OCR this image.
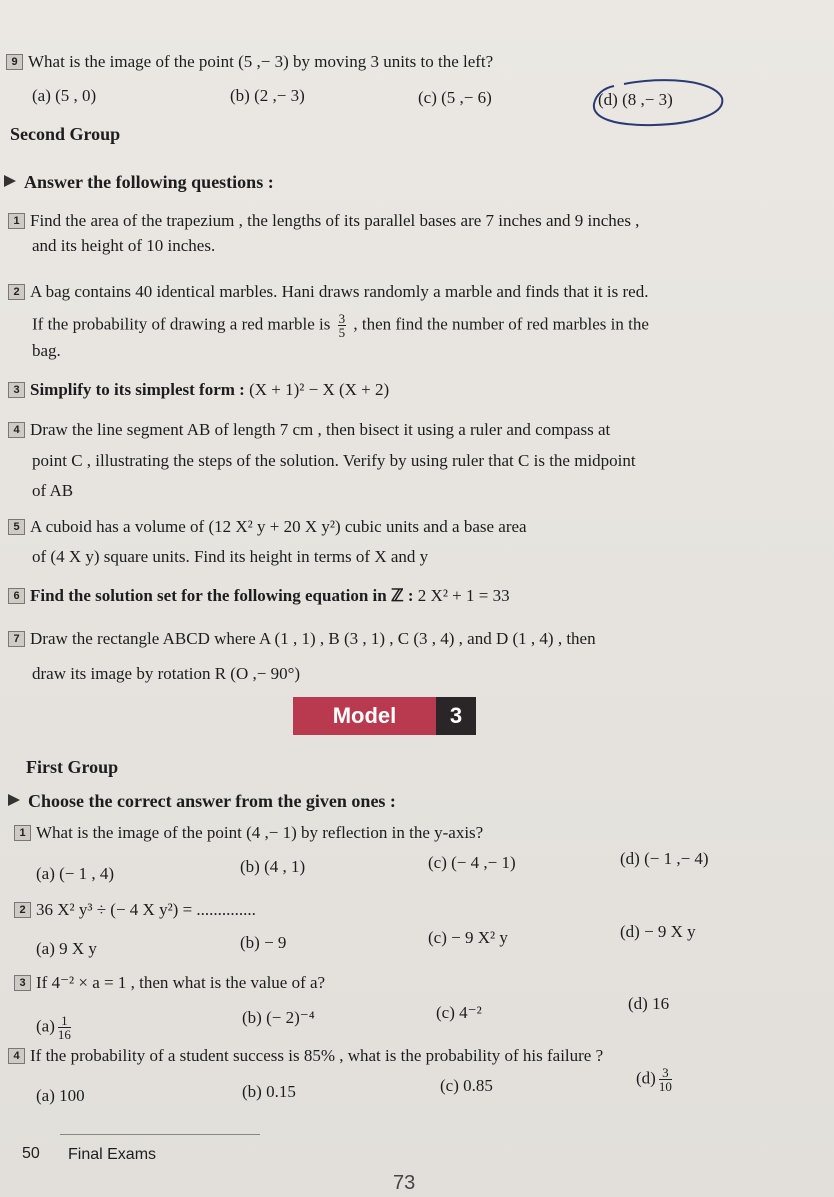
9 What is the image of the point (5 ,− 3) by moving 3 units to the left?
(a) (5 , 0)	(b) (2 ,− 3)	(c) (5 ,− 6)	(d) (8 ,− 3)
Second Group
Answer the following questions :
1 Find the area of the trapezium , the lengths of its parallel bases are 7 inches and 9 inches ,
and its height of 10 inches.
2 A bag contains 40 identical marbles. Hani draws randomly a marble and finds that it is red.
If the probability of drawing a red marble is $\frac{3}{5}$ , then find the number of red marbles in the
bag.
3 Simplify to its simplest form : (X + 1)² − X (X + 2)
4 Draw the line segment AB of length 7 cm , then bisect it using a ruler and compass at
point C , illustrating the steps of the solution. Verify by using ruler that C is the midpoint
of AB
5 A cuboid has a volume of (12 X² y + 20 X y²) cubic units and a base area
of (4 X y) square units. Find its height in terms of X and y
6 Find the solution set for the following equation in ℤ : 2 X² + 1 = 33
7 Draw the rectangle ABCD where A (1 , 1) , B (3 , 1) , C (3 , 4) , and D (1 , 4) , then
draw its image by rotation R (O ,− 90°)
Model	3
First Group
Choose the correct answer from the given ones :
1 What is the image of the point (4 ,− 1) by reflection in the y-axis?
(a) (− 1 , 4)	(b) (4 , 1)	(c) (− 4 ,− 1)	(d) (− 1 ,− 4)
2 36 X² y³ ÷ (− 4 X y²) = ..............
(a) 9 X y	(b) − 9	(c) − 9 X² y	(d) − 9 X y
3 If 4⁻² × a = 1 , then what is the value of a?
$(a) \frac{1}{16}$	(b) (− 2)⁻⁴	(c) 4⁻²	(d) 16
4 If the probability of a student success is 85% , what is the probability of his failure ?
(a) 100	(b) 0.15	(c) 0.85	$(d) \frac{3}{10}$
50 Final Exams
73
